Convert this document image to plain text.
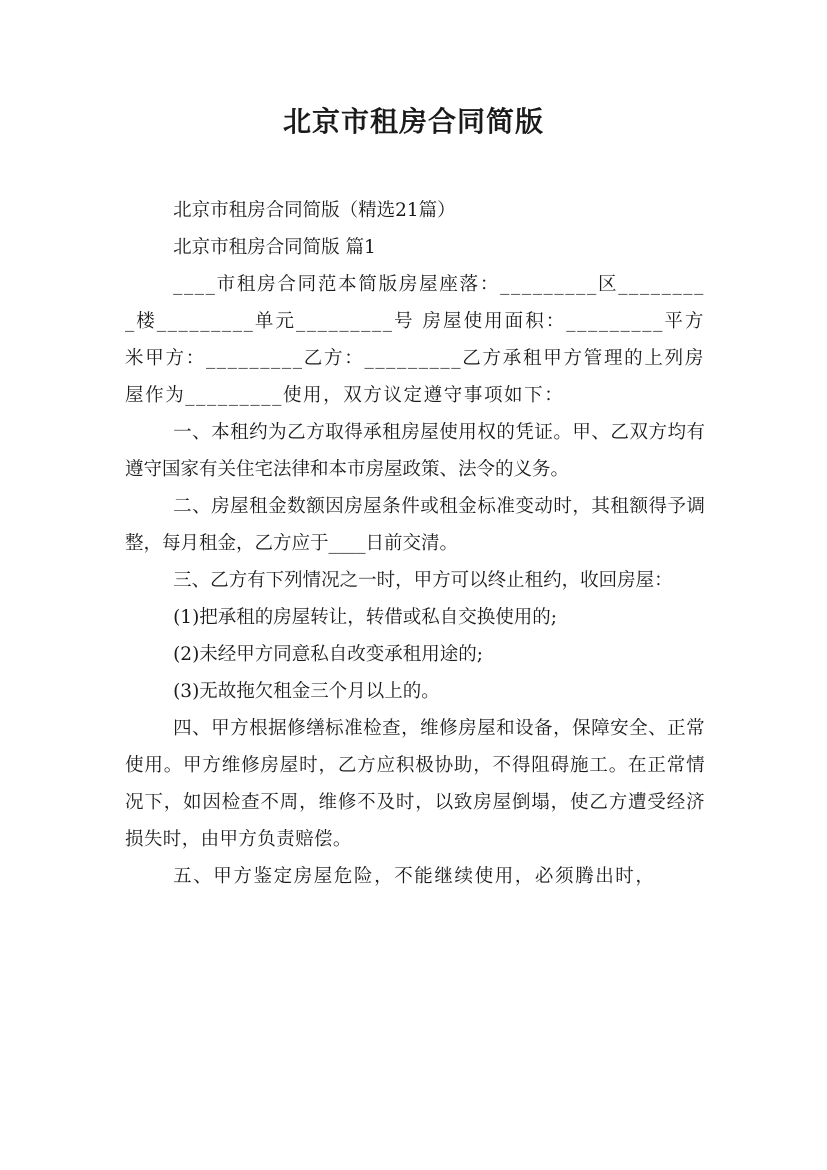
北京市租房合同简版

北京市租房合同简版（精选21篇）

北京市租房合同简版 篇1

____市租房合同范本简版房屋座落：_________区_________楼_________单元_________号 房屋使用面积：_________平方米甲方：_________乙方：_________乙方承租甲方管理的上列房屋作为_________使用，双方议定遵守事项如下：

一、本租约为乙方取得承租房屋使用权的凭证。甲、乙双方均有遵守国家有关住宅法律和本市房屋政策、法令的义务。

二、房屋租金数额因房屋条件或租金标准变动时，其租额得予调整，每月租金，乙方应于____日前交清。

三、乙方有下列情况之一时，甲方可以终止租约，收回房屋：

(1)把承租的房屋转让，转借或私自交换使用的;

(2)未经甲方同意私自改变承租用途的;

(3)无故拖欠租金三个月以上的。

四、甲方根据修缮标准检查，维修房屋和设备，保障安全、正常使用。甲方维修房屋时，乙方应积极协助，不得阻碍施工。在正常情况下，如因检查不周，维修不及时，以致房屋倒塌，使乙方遭受经济损失时，由甲方负责赔偿。

五、甲方鉴定房屋危险，不能继续使用，必须腾出时，
